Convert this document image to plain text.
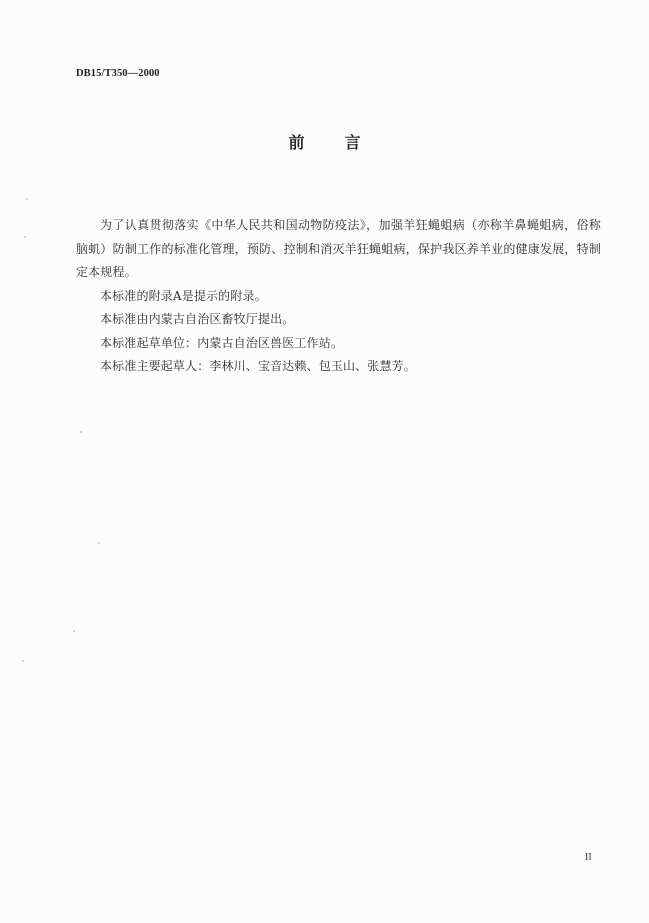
DB15/T350—2000
前	言

为了认真贯彻落实《中华人民共和国动物防疫法》，加强羊狂蝇蛆病（亦称羊鼻蝇蛆病，俗称脑虮）防制工作的标准化管理，预防、控制和消灭羊狂蝇蛆病，保护我区养羊业的健康发展，特制定本规程。

本标准的附录A是提示的附录。

本标准由内蒙古自治区畜牧厅提出。

本标准起草单位：内蒙古自治区兽医工作站。

本标准主要起草人：李林川、宝音达赖、包玉山、张慧芳。

II
